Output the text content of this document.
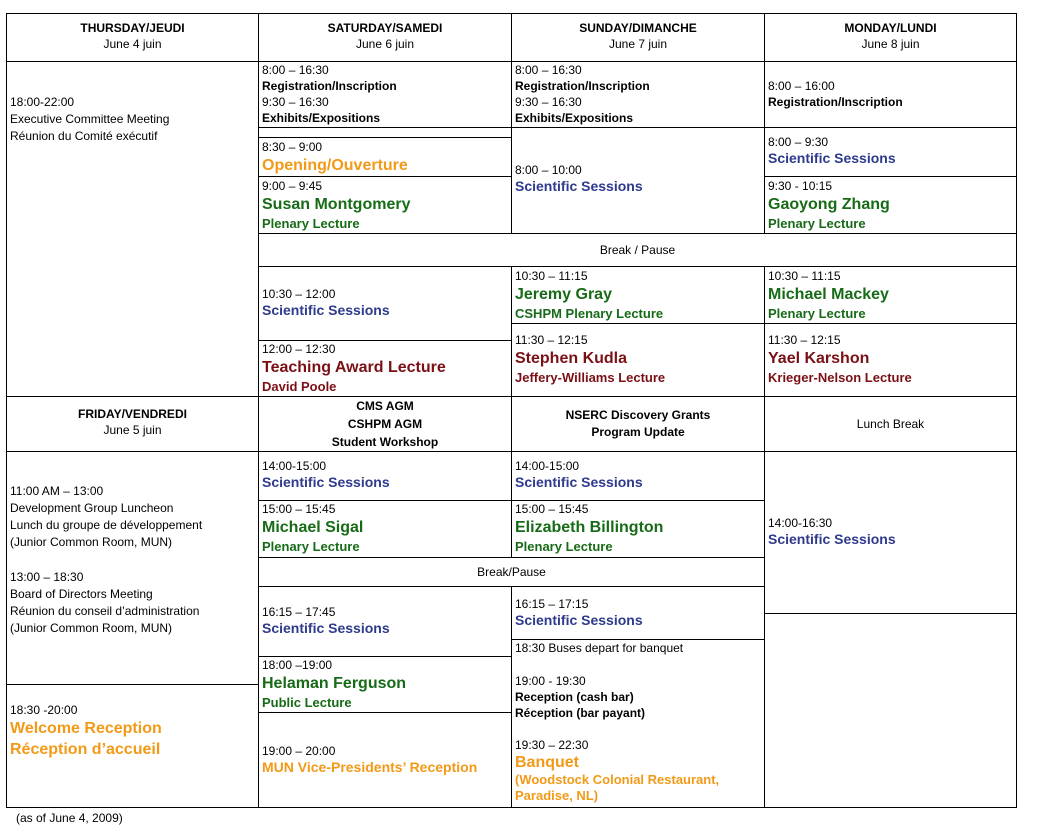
THURSDAY/JEUDI
June 4 juin
SATURDAY/SAMEDI
June 6 juin
SUNDAY/DIMANCHE
June 7 juin
MONDAY/LUNDI
June 8 juin
FRIDAY/VENDREDI
June 5 juin
18:00-22:00
Executive Committee Meeting
Réunion du Comité exécutif
8:00 – 16:30
Registration/Inscription
9:30 – 16:30
Exhibits/Expositions
8:30 – 9:00
Opening/Ouverture
9:00 – 9:45
Susan Montgomery
Plenary Lecture
8:00 – 16:30
Registration/Inscription
9:30 – 16:30
Exhibits/Expositions
8:00 – 10:00
Scientific Sessions
8:00 – 16:00
Registration/Inscription
8:00 – 9:30
Scientific Sessions
9:30 - 10:15
Gaoyong Zhang
Plenary Lecture
Break / Pause
10:30 – 12:00
Scientific Sessions
12:00 – 12:30
Teaching Award Lecture
David Poole
10:30 – 11:15
Jeremy Gray
CSHPM Plenary Lecture
11:30 – 12:15
Stephen Kudla
Jeffery-Williams Lecture
10:30 – 11:15
Michael Mackey
Plenary Lecture
11:30 – 12:15
Yael Karshon
Krieger-Nelson Lecture
CMS AGM
CSHPM AGM
Student Workshop
NSERC Discovery Grants
Program Update
Lunch Break
11:00 AM – 13:00
Development Group Luncheon
Lunch du groupe de développement
(Junior Common Room, MUN)
13:00 – 18:30
Board of Directors Meeting
Réunion du conseil d’administration
(Junior Common Room, MUN)
18:30 -20:00
Welcome Reception
Réception d’accueil
14:00-15:00
Scientific Sessions
15:00 – 15:45
Michael Sigal
Plenary Lecture
16:15 – 17:45
Scientific Sessions
18:00 –19:00
Helaman Ferguson
Public Lecture
19:00 – 20:00
MUN Vice-Presidents’ Reception
14:00-15:00
Scientific Sessions
15:00 – 15:45
Elizabeth Billington
Plenary Lecture
16:15 – 17:15
Scientific Sessions
18:30 Buses depart for banquet
19:00 - 19:30
Reception (cash bar)
Réception (bar payant)
19:30 – 22:30
Banquet
(Woodstock Colonial Restaurant,
Paradise, NL)
14:00-16:30
Scientific Sessions
Break/Pause
(as of June 4, 2009)
